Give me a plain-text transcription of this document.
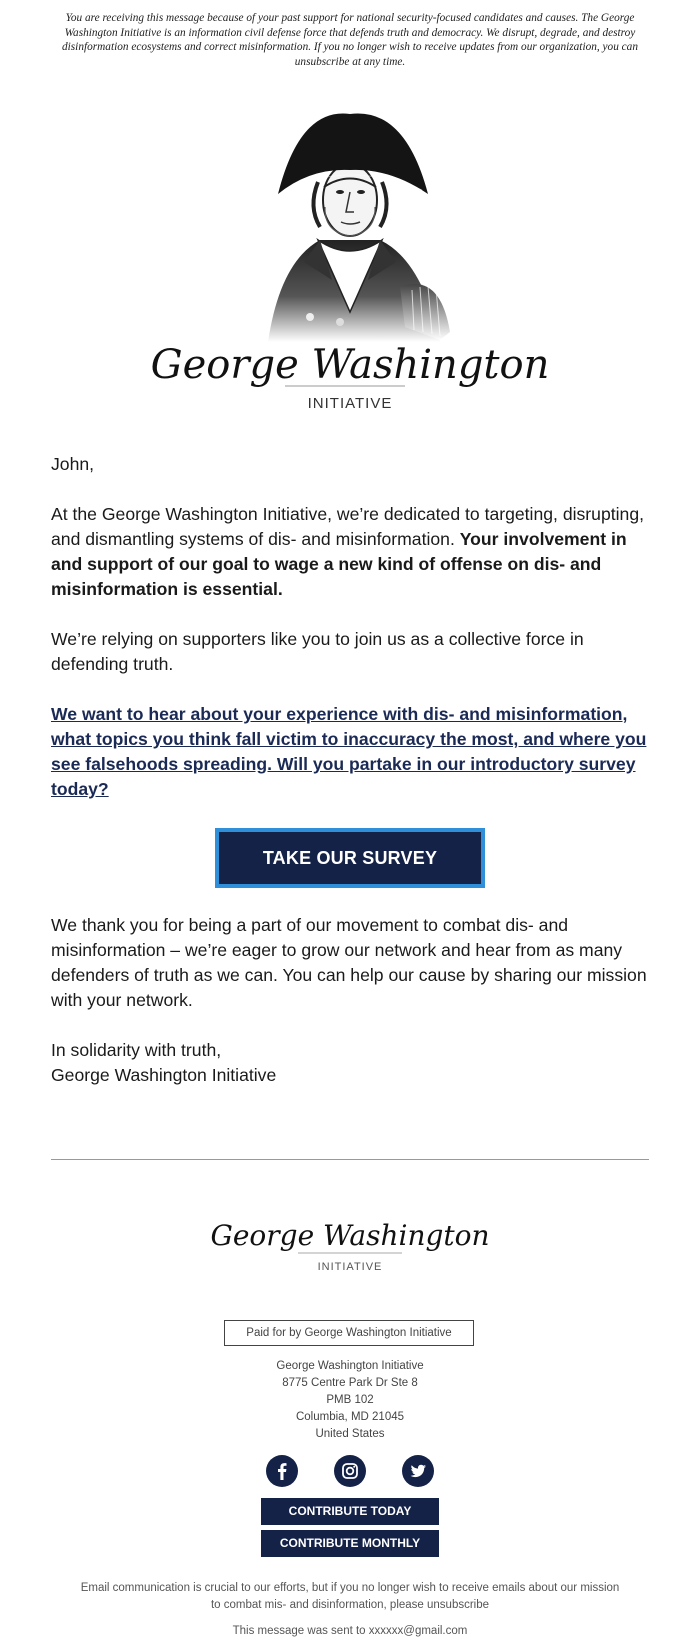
You are receiving this message because of your past support for national security-focused candidates and causes. The George Washington Initiative is an information civil defense force that defends truth and democracy. We disrupt, degrade, and destroy disinformation ecosystems and correct misinformation. If you no longer wish to receive updates from our organization, you can unsubscribe at any time.
George Washington
INITIATIVE

John,

At the George Washington Initiative, we’re dedicated to targeting, disrupting, and dismantling systems of dis- and misinformation. Your involvement in and support of our goal to wage a new kind of offense on dis- and misinformation is essential.

We’re relying on supporters like you to join us as a collective force in defending truth.

We want to hear about your experience with dis- and misinformation, what topics you think fall victim to inaccuracy the most, and where you see falsehoods spreading. Will you partake in our introductory survey today?

TAKE OUR SURVEY

We thank you for being a part of our movement to combat dis- and misinformation – we’re eager to grow our network and hear from as many defenders of truth as we can. You can help our cause by sharing our mission with your network.

In solidarity with truth,
George Washington Initiative

George Washington
INITIATIVE
Paid for by George Washington Initiative
George Washington Initiative
8775 Centre Park Dr Ste 8
PMB 102
Columbia, MD 21045
United States

CONTRIBUTE TODAY
CONTRIBUTE MONTHLY
Email communication is crucial to our efforts, but if you no longer wish to receive emails about our mission to combat mis- and disinformation, please unsubscribe
This message was sent to xxxxxx@gmail.com
